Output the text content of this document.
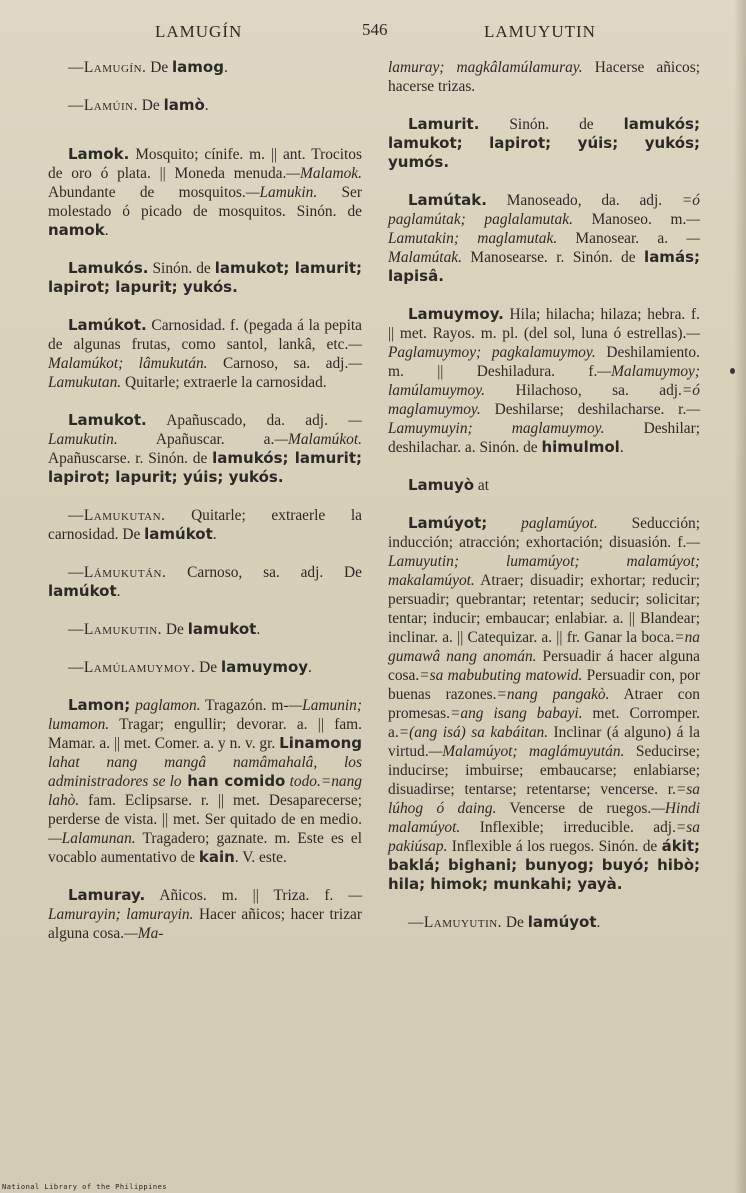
LAMUGÍN	546	LAMUYUTIN

—Lamugín. De lamog.

—Lamúin. De lamò.

Lamok. Mosquito; cínife. m. || ant. Trocitos de oro ó plata. || Moneda menuda.—Malamok. Abundante de mosquitos.—Lamukin. Ser molestado ó picado de mosquitos. Sinón. de namok.

Lamukós. Sinón. de lamukot; lamurit; lapirot; lapurit; yukós.

Lamúkot. Carnosidad. f. (pegada á la pepita de algunas frutas, como santol, lankâ, etc.—Malamúkot; lâmukután. Carnoso, sa. adj.—Lamukutan. Quitarle; extraerle la carnosidad.

Lamukot. Apañuscado, da. adj. —Lamukutin. Apañuscar. a.—Malamúkot. Apañuscarse. r. Sinón. de lamukós; lamurit; lapirot; lapurit; yúis; yukós.

—Lamukutan. Quitarle; extraerle la carnosidad. De lamúkot.

—Lámukután. Carnoso, sa. adj. De lamúkot.

—Lamukutin. De lamukot.

—Lamúlamuymoy. De lamuymoy.

Lamon; paglamon. Tragazón. m-—Lamunin; lumamon. Tragar; engullir; devorar. a. || fam. Mamar. a. || met. Comer. a. y n. v. gr. Linamong lahat nang mangâ namâmahalâ, los administradores se lo han comido todo.=nang lahò. fam. Eclipsarse. r. || met. Desaparecerse; perderse de vista. || met. Ser quitado de en medio.—Lalamunan. Tragadero; gaznate. m. Este es el vocablo aumentativo de kain. V. este.

Lamuray. Añicos. m. || Triza. f. —Lamurayin; lamurayin. Hacer añicos; hacer trizar alguna cosa.—Ma-

lamuray; magkâlamúlamuray. Hacerse añicos; hacerse trizas.

Lamurit. Sinón. de lamukós; lamukot; lapirot; yúis; yukós; yumós.

Lamútak. Manoseado, da. adj. =ó paglamútak; paglalamutak. Manoseo. m.—Lamutakin; maglamutak. Manosear. a. — Malamútak. Manosearse. r. Sinón. de lamás; lapisâ.

Lamuymoy. Hila; hilacha; hilaza; hebra. f. || met. Rayos. m. pl. (del sol, luna ó estrellas).—Paglamuymoy; pagkalamuymoy. Deshilamiento. m. || Deshiladura. f.—Malamuymoy; lamúlamuymoy. Hilachoso, sa. adj.=ó maglamuymoy. Deshilarse; deshilacharse. r.—Lamuymuyin; maglamuymoy. Deshilar; deshilachar. a. Sinón. de himulmol.

Lamuyò at

Lamúyot; paglamúyot. Seducción; inducción; atracción; exhortación; disuasión. f.—Lamuyutin; lumamúyot; malamúyot; makalamúyot. Atraer; disuadir; exhortar; reducir; persuadir; quebrantar; retentar; seducir; solicitar; tentar; inducir; embaucar; enlabiar. a. || Blandear; inclinar. a. || Catequizar. a. || fr. Ganar la boca.=na gumawâ nang anomán. Persuadir á hacer alguna cosa.=sa mabubuting matowid. Persuadir con, por buenas razones.=nang pangakò. Atraer con promesas.=ang isang babayi. met. Corromper. a.=(ang isá) sa kabáitan. Inclinar (á alguno) á la virtud.—Malamúyot; maglámuyután. Seducirse; inducirse; imbuirse; embaucarse; enlabiarse; disuadirse; tentarse; retentarse; vencerse. r.=sa lúhog ó daing. Vencerse de ruegos.—Hindi malamúyot. Inflexible; irreducible. adj.=sa pakiúsap. Inflexible á los ruegos. Sinón. de ákit; baklá; bighani; bunyog; buyó; hibò; hila; himok; munkahi; yayà.

—Lamuyutin. De lamúyot.

National Library of the Philippines
